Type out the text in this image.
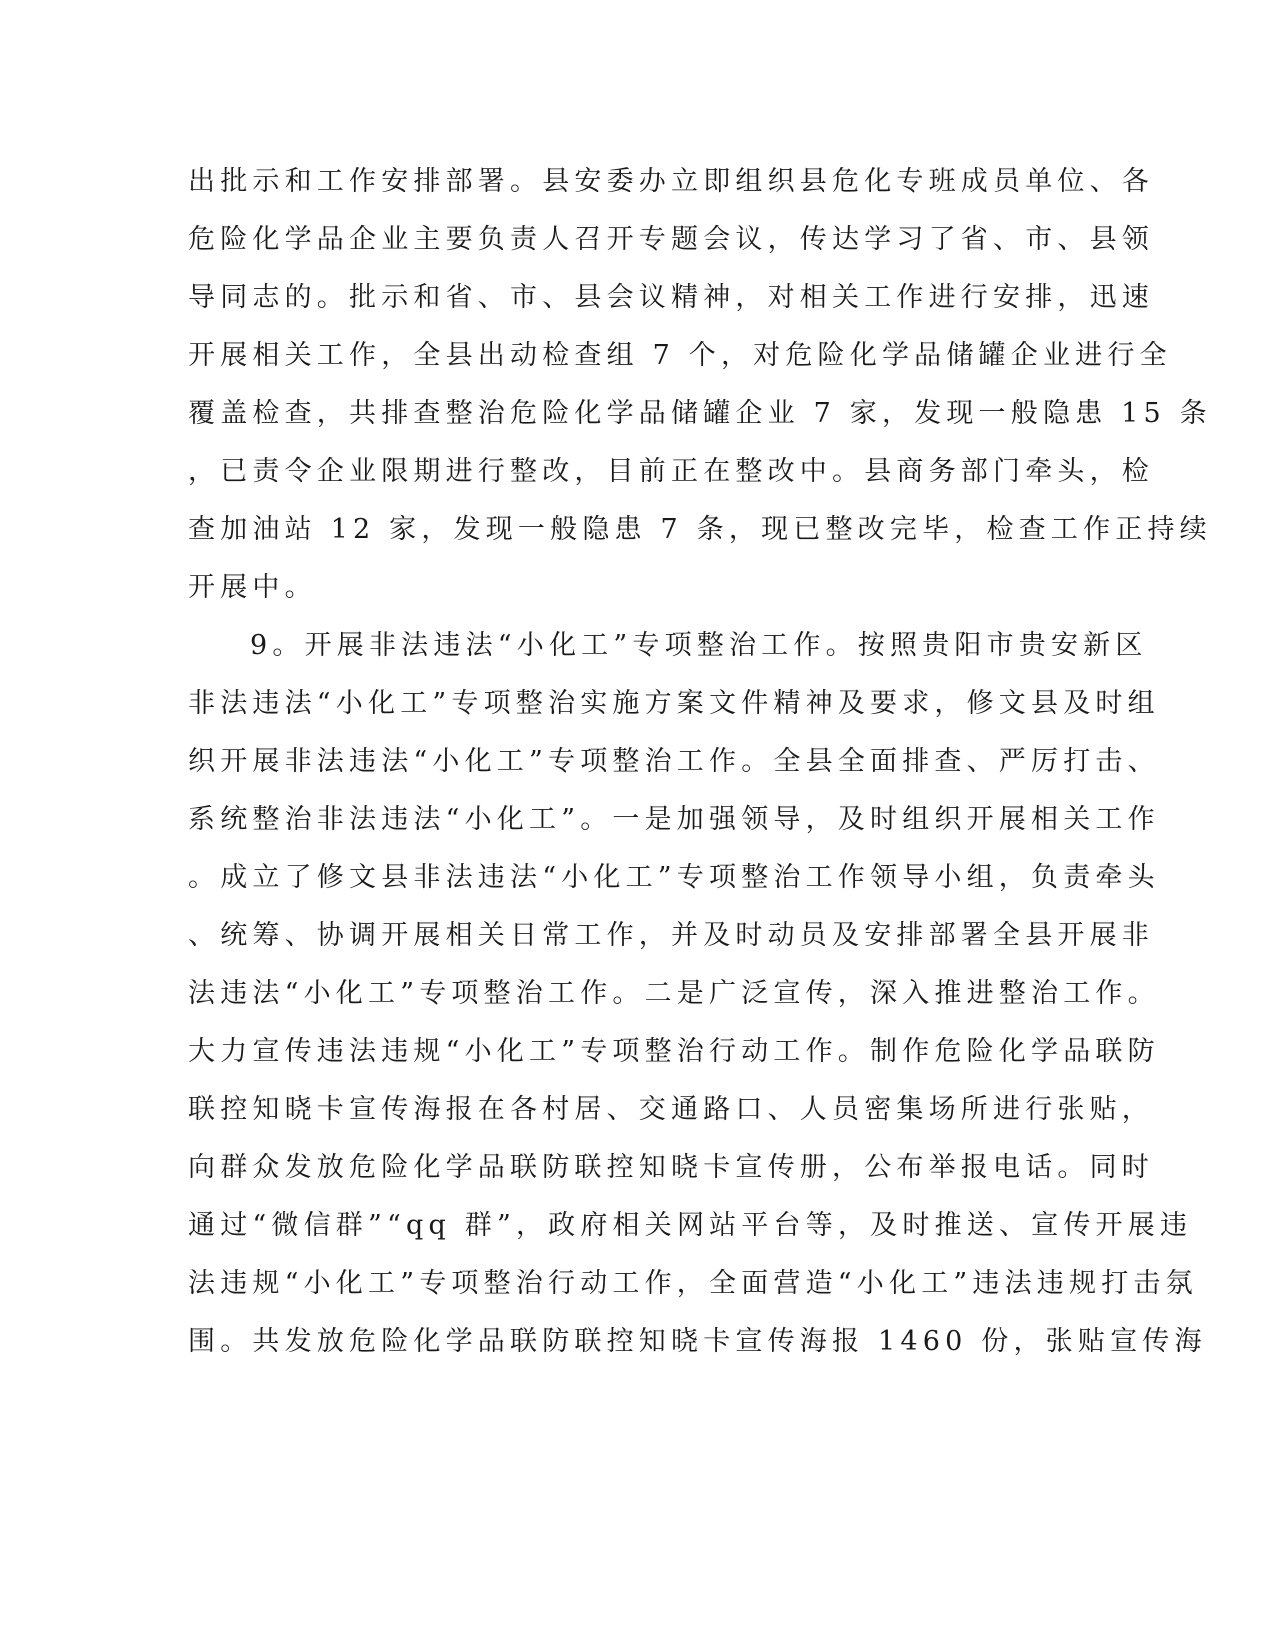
出批示和工作安排部署。县安委办立即组织县危化专班成员单位、各
危险化学品企业主要负责人召开专题会议，传达学习了省、市、县领
导同志的。批示和省、市、县会议精神，对相关工作进行安排，迅速
开展相关工作，全县出动检查组 7 个，对危险化学品储罐企业进行全
覆盖检查，共排查整治危险化学品储罐企业 7 家，发现一般隐患 15 条
，已责令企业限期进行整改，目前正在整改中。县商务部门牵头，检
查加油站 12 家，发现一般隐患 7 条，现已整改完毕，检查工作正持续
开展中。
9。开展非法违法“小化工”专项整治工作。按照贵阳市贵安新区
非法违法“小化工”专项整治实施方案文件精神及要求，修文县及时组
织开展非法违法“小化工”专项整治工作。全县全面排查、严厉打击、
系统整治非法违法“小化工”。一是加强领导，及时组织开展相关工作
。成立了修文县非法违法“小化工”专项整治工作领导小组，负责牵头
、统筹、协调开展相关日常工作，并及时动员及安排部署全县开展非
法违法“小化工”专项整治工作。二是广泛宣传，深入推进整治工作。
大力宣传违法违规“小化工”专项整治行动工作。制作危险化学品联防
联控知晓卡宣传海报在各村居、交通路口、人员密集场所进行张贴，
向群众发放危险化学品联防联控知晓卡宣传册，公布举报电话。同时
通过“微信群”“qq 群”，政府相关网站平台等，及时推送、宣传开展违
法违规“小化工”专项整治行动工作，全面营造“小化工”违法违规打击氛
围。共发放危险化学品联防联控知晓卡宣传海报 1460 份，张贴宣传海
